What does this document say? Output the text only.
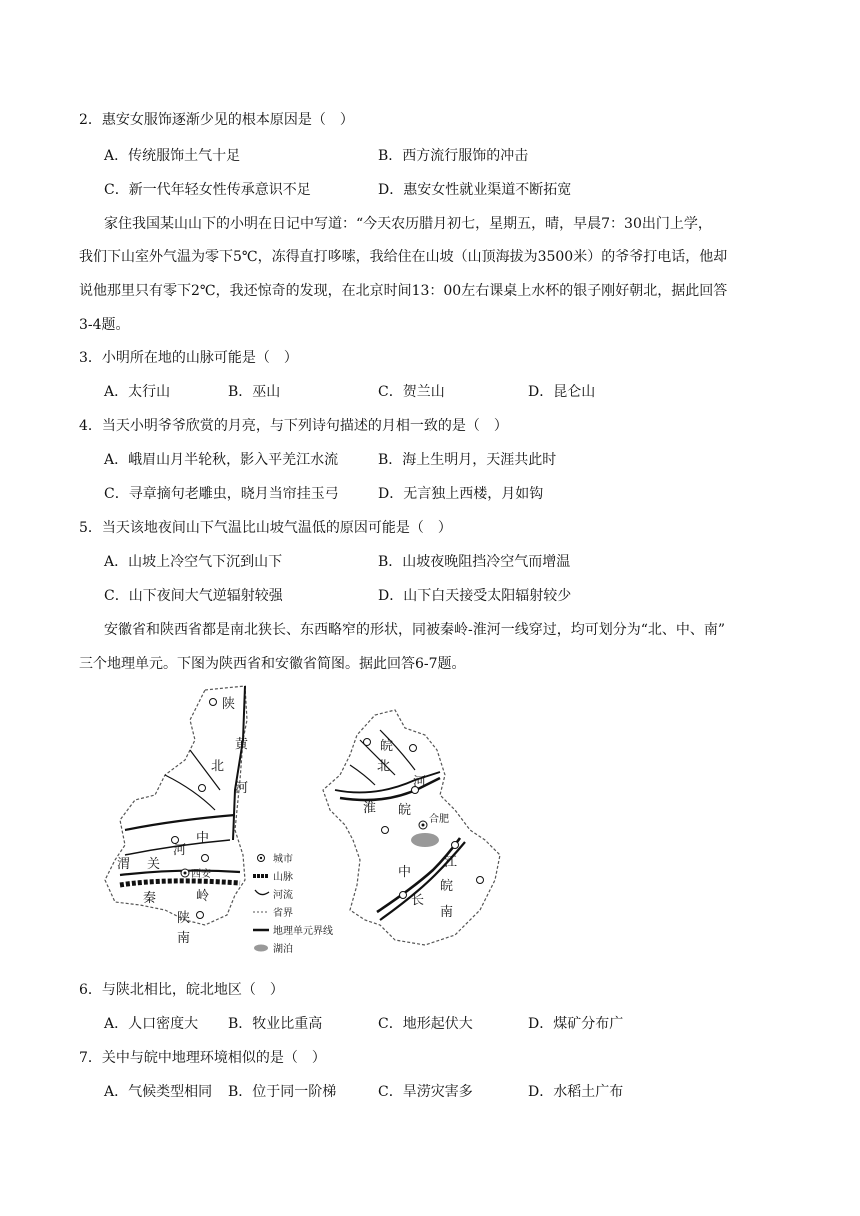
2．惠安女服饰逐渐少见的根本原因是（　）
A．传统服饰土气十足	B．西方流行服饰的冲击
C．新一代年轻女性传承意识不足	D．惠安女性就业渠道不断拓宽
家住我国某山山下的小明在日记中写道：“今天农历腊月初七，星期五，晴，早晨7：30出门上学，
我们下山室外气温为零下5℃，冻得直打哆嗦，我给住在山坡（山顶海拔为3500米）的爷爷打电话，他却
说他那里只有零下2℃，我还惊奇的发现，在北京时间13：00左右课桌上水杯的银子刚好朝北，据此回答
3-4题。
3．小明所在地的山脉可能是（　）
A．太行山	B．巫山	C．贺兰山	D．昆仑山
4．当天小明爷爷欣赏的月亮，与下列诗句描述的月相一致的是（　）
A．峨眉山月半轮秋，影入平羌江水流	B．海上生明月，天涯共此时
C．寻章摘句老雕虫，晓月当帘挂玉弓	D．无言独上西楼，月如钩
5．当天该地夜间山下气温比山坡气温低的原因可能是（　）
A．山坡上冷空气下沉到山下	B．山坡夜晚阻挡冷空气而增温
C．山下夜间大气逆辐射较强	D．山下白天接受太阳辐射较少
安徽省和陕西省都是南北狭长、东西略窄的形状，同被秦岭-淮河一线穿过，均可划分为“北、中、南”
三个地理单元。下图为陕西省和安徽省简图。据此回答6-7题。
陕
黄
北
河
中
渭 关
河
秦	岭
陕
南
西安
城市
山脉
河流
省界
地理单元界线
湖泊
皖
北
河
淮 皖
中
江
长
皖
南
合肥
6．与陕北相比，皖北地区（　）
A．人口密度大 B．牧业比重高	C．地形起伏大	D．煤矿分布广
7．关中与皖中地理环境相似的是（　）
A．气候类型相同 B．位于同一阶梯	C．旱涝灾害多	D．水稻土广布
